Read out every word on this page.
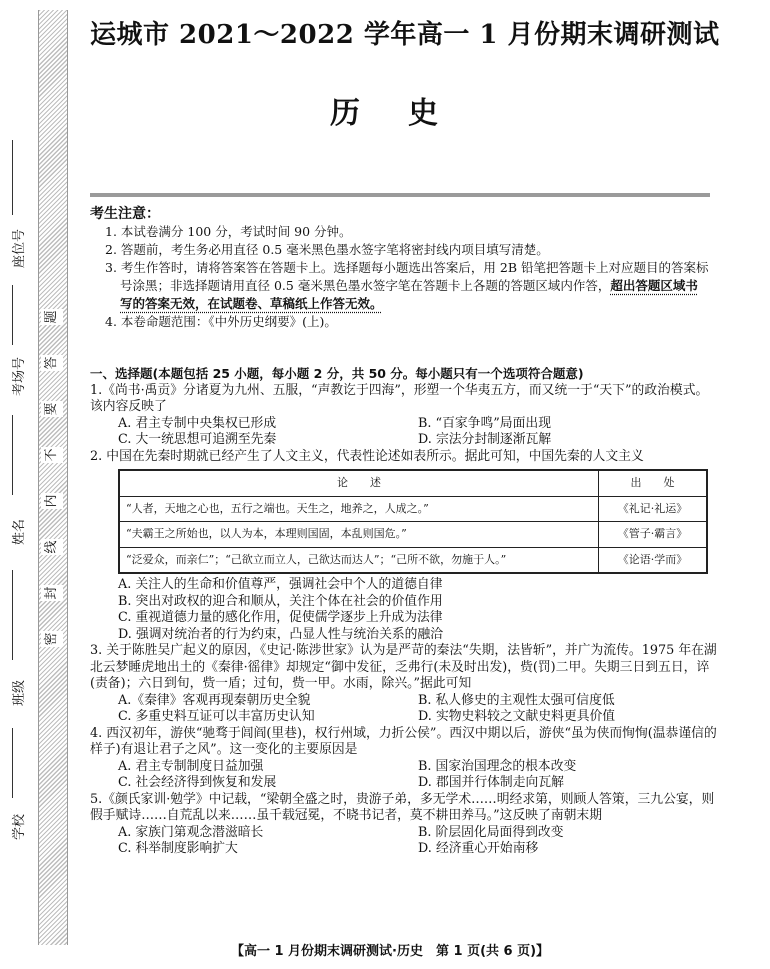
题
答
要
不
内
线
封
密
座位号
考场号
姓名
班级
学校
运城市 2021～2022 学年高一 1 月份期末调研测试
历史
考生注意：
1. 本试卷满分 100 分，考试时间 90 分钟。
2. 答题前，考生务必用直径 0.5 毫米黑色墨水签字笔将密封线内项目填写清楚。
3. 考生作答时，请将答案答在答题卡上。选择题每小题选出答案后，用 2B 铅笔把答题卡上对应题目的答案标号涂黑；非选择题请用直径 0.5 毫米黑色墨水签字笔在答题卡上各题的答题区域内作答，超出答题区域书写的答案无效，在试题卷、草稿纸上作答无效。
4. 本卷命题范围：《中外历史纲要》(上)。
一、选择题(本题包括 25 小题，每小题 2 分，共 50 分。每小题只有一个选项符合题意)
1.《尚书·禹贡》分诸夏为九州、五服，“声教讫于四海”，形塑一个华夷五方，而又统一于“天下”的政治模式。该内容反映了
A. 君主专制中央集权已形成	B. “百家争鸣”局面出现
C. 大一统思想可追溯至先秦	D. 宗法分封制逐渐瓦解
2. 中国在先秦时期就已经产生了人文主义，代表性论述如表所示。据此可知，中国先秦的人文主义
论　　述	出　　处
“人者，天地之心也，五行之端也。天生之，地养之，人成之。”	《礼记·礼运》
“夫霸王之所始也，以人为本，本理则国固，本乱则国危。”	《管子·霸言》
“泛爱众，而亲仁”；“己欲立而立人，己欲达而达人”；“己所不欲，勿施于人。”	《论语·学而》
A. 关注人的生命和价值尊严，强调社会中个人的道德自律
B. 突出对政权的迎合和顺从，关注个体在社会的价值作用
C. 重视道德力量的感化作用，促使儒学逐步上升成为法律
D. 强调对统治者的行为约束，凸显人性与统治关系的融洽
3. 关于陈胜吴广起义的原因，《史记·陈涉世家》认为是严苛的秦法“失期，法皆斩”，并广为流传。1975 年在湖北云梦睡虎地出土的《秦律·徭律》却规定“御中发征，乏弗行(未及时出发)，赀(罚)二甲。失期三日到五日，谇(责备)；六日到旬，赀一盾；过旬，赀一甲。水雨，除兴。”据此可知
A.《秦律》客观再现秦朝历史全貌	B. 私人修史的主观性太强可信度低
C. 多重史料互证可以丰富历史认知	D. 实物史料较之文献史料更具价值
4. 西汉初年，游侠“驰骛于闾阎(里巷)，权行州域，力折公侯”。西汉中期以后，游侠“虽为侠而恂恂(温恭谨信的样子)有退让君子之风”。这一变化的主要原因是
A. 君主专制制度日益加强	B. 国家治国理念的根本改变
C. 社会经济得到恢复和发展	D. 郡国并行体制走向瓦解
5.《颜氏家训·勉学》中记载，“梁朝全盛之时，贵游子弟，多无学术……明经求第，则顾人答策，三九公宴，则假手赋诗……自荒乱以来……虽千载冠冕，不晓书记者，莫不耕田养马。”这反映了南朝末期
A. 家族门第观念潜滋暗长	B. 阶层固化局面得到改变
C. 科举制度影响扩大	D. 经济重心开始南移
【高一 1 月份期末调研测试·历史　第 1 页(共 6 页)】
